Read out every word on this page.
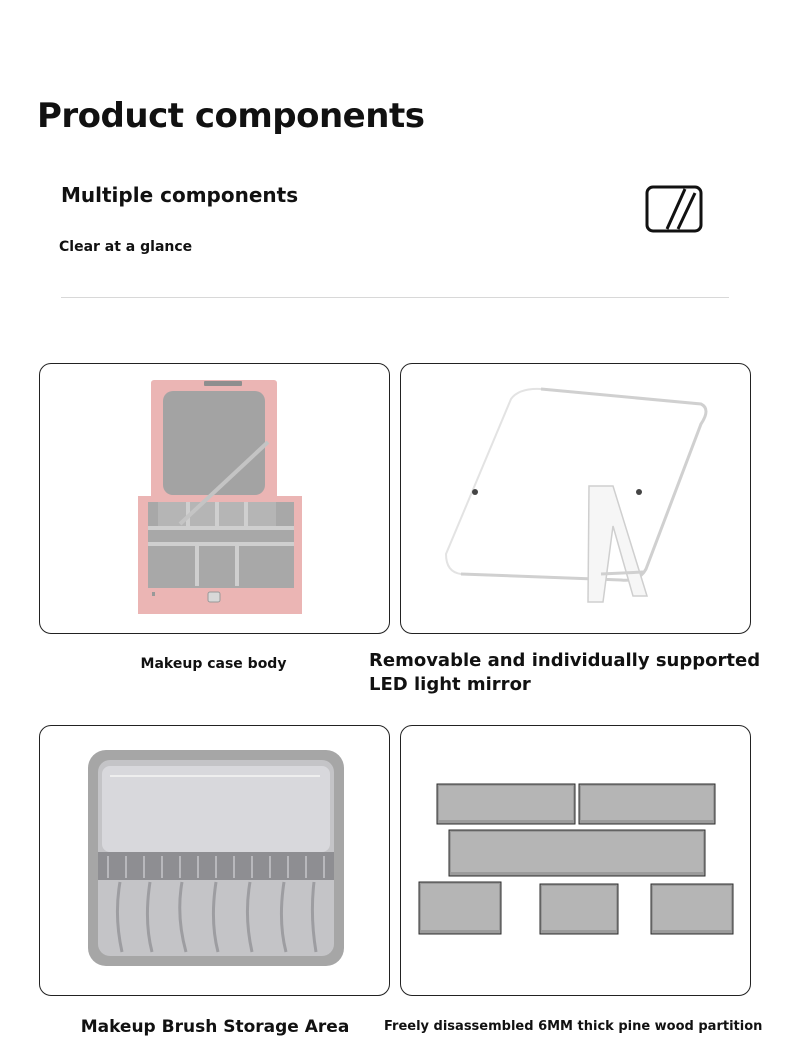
Product components
Multiple components

Clear at a glance

Makeup case body	Removable and individually supported LED light mirror

Makeup Brush Storage Area	Freely disassembled 6MM thick pine wood partition
